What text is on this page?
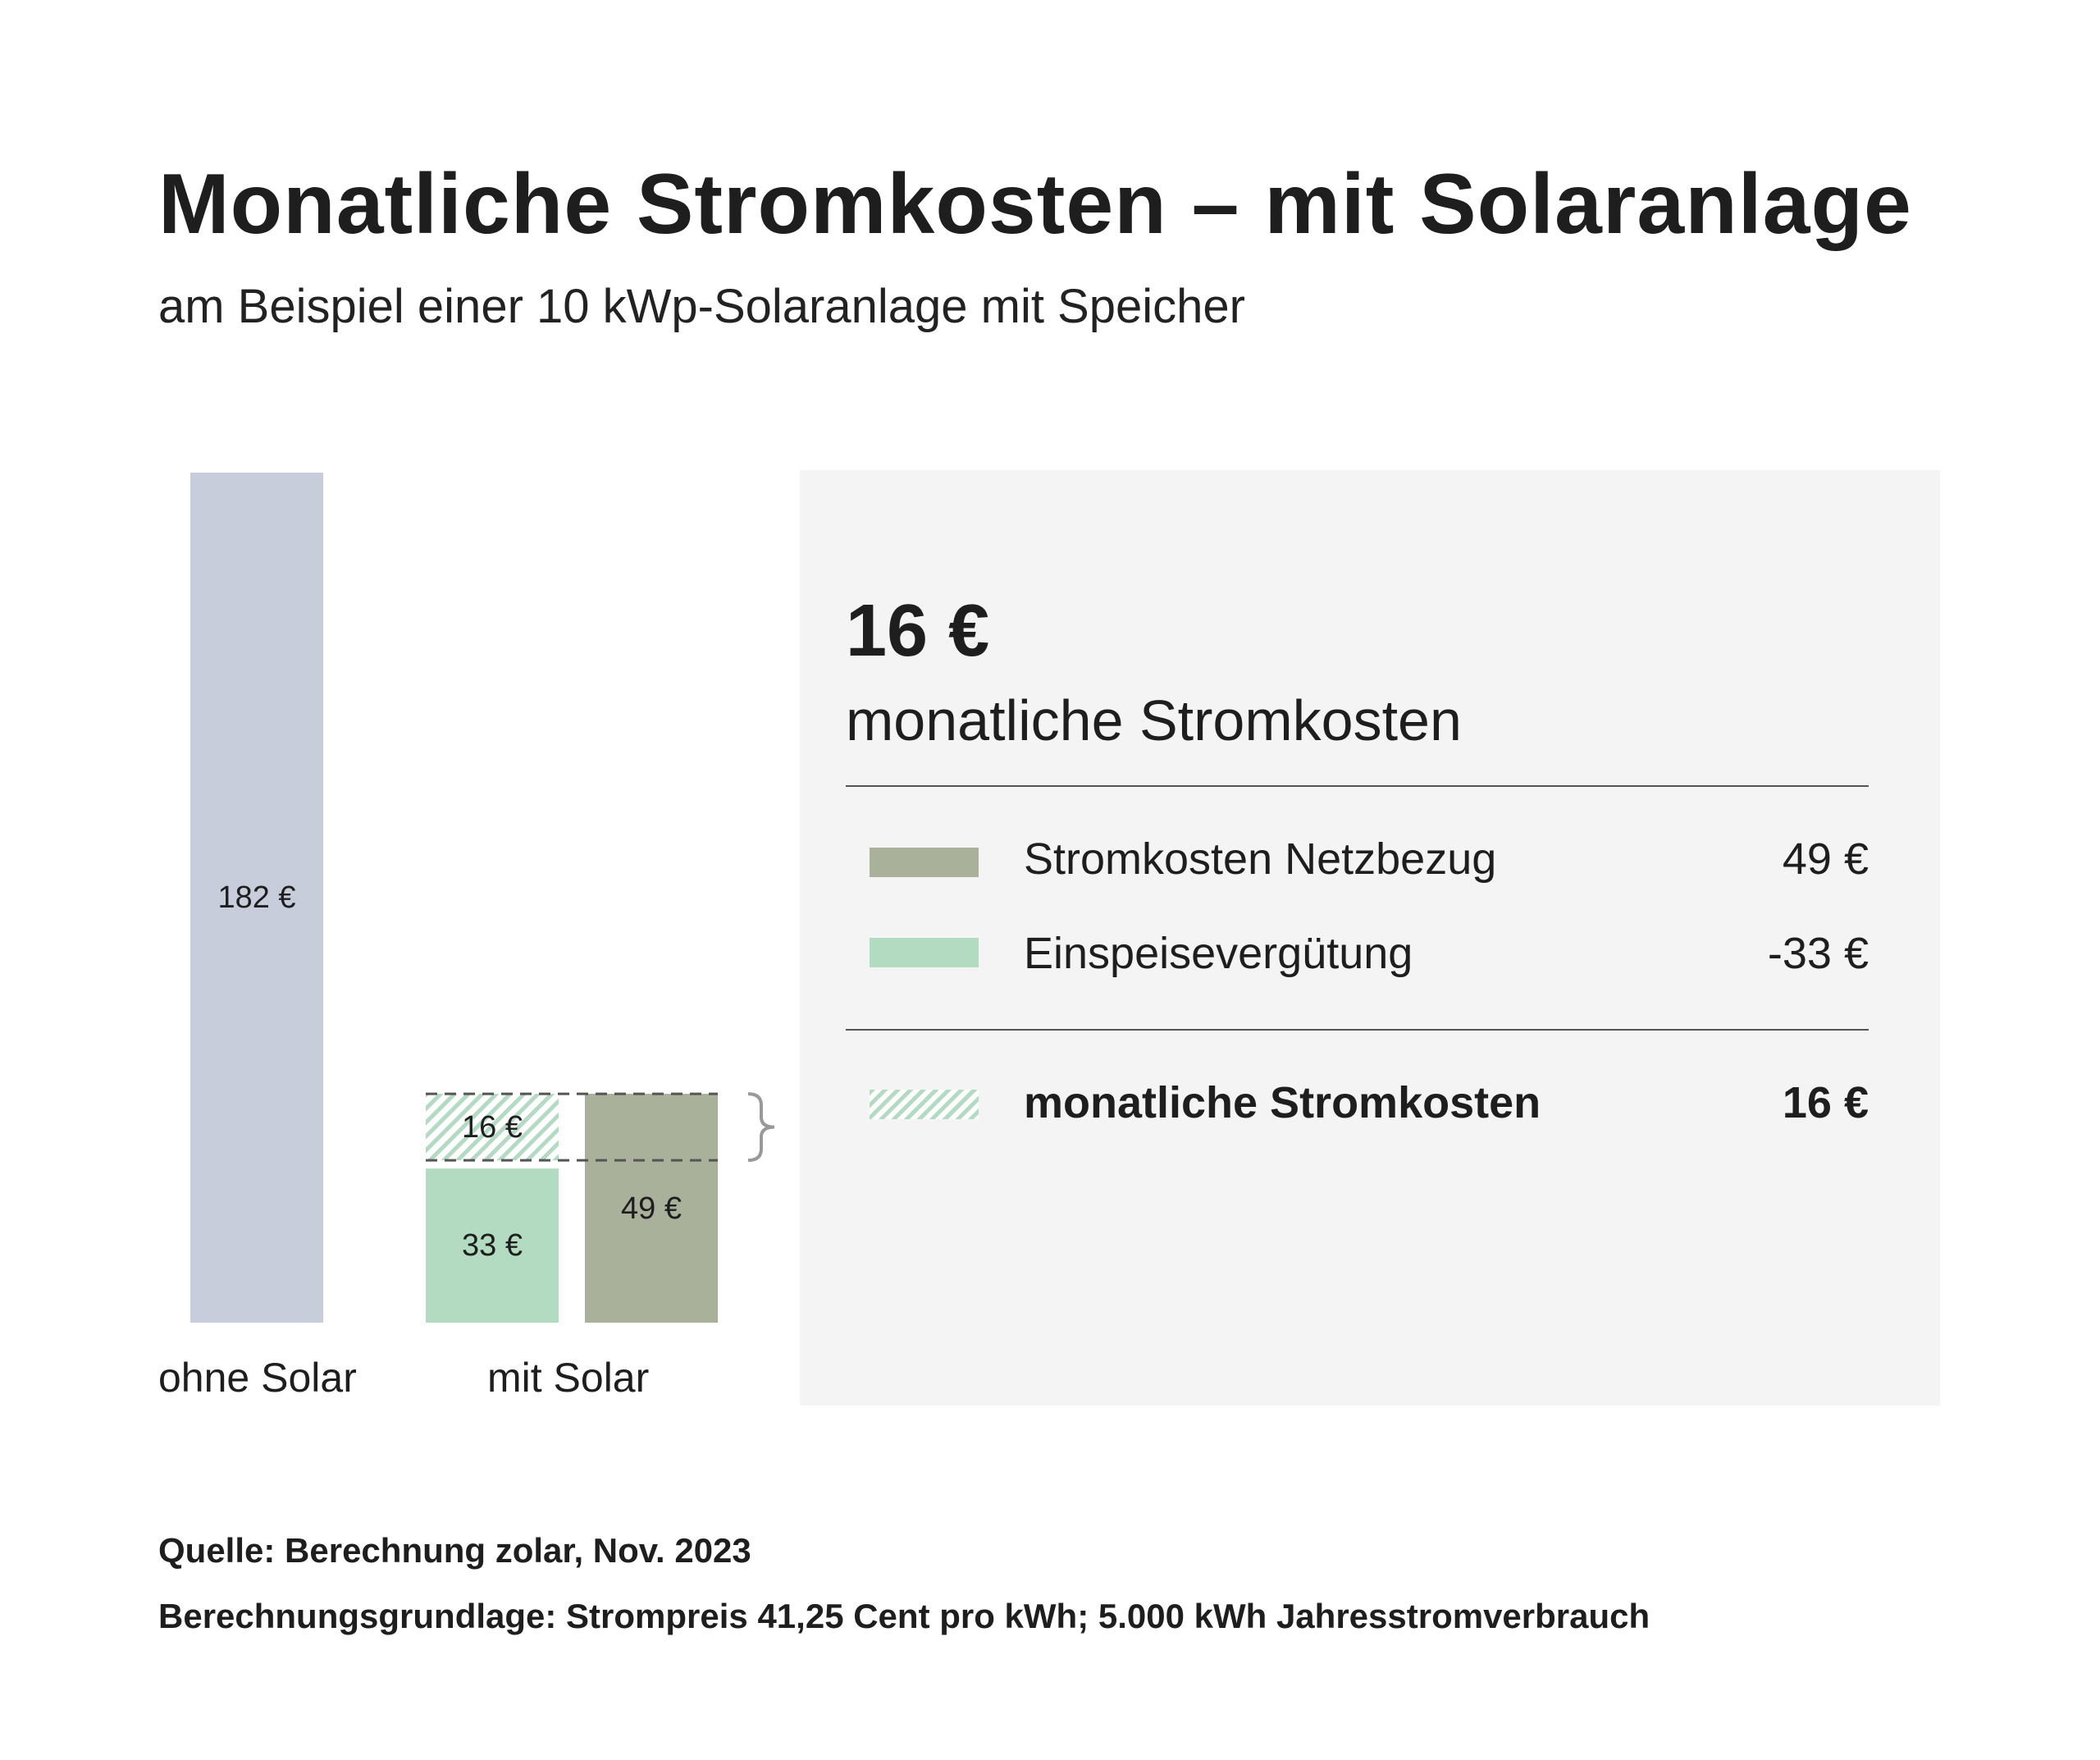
Monatliche Stromkosten – mit Solaranlage
am Beispiel einer 10 kWp-Solaranlage mit Speicher
182 €
33 €
16 €
49 €
ohne Solar	mit Solar
16 €
monatliche Stromkosten
Stromkosten Netzbezug	49 €
Einspeisevergütung	-33 €
monatliche Stromkosten	16 €
Quelle: Berechnung zolar, Nov. 2023
Berechnungsgrundlage: Strompreis 41,25 Cent pro kWh; 5.000 kWh Jahresstromverbrauch
